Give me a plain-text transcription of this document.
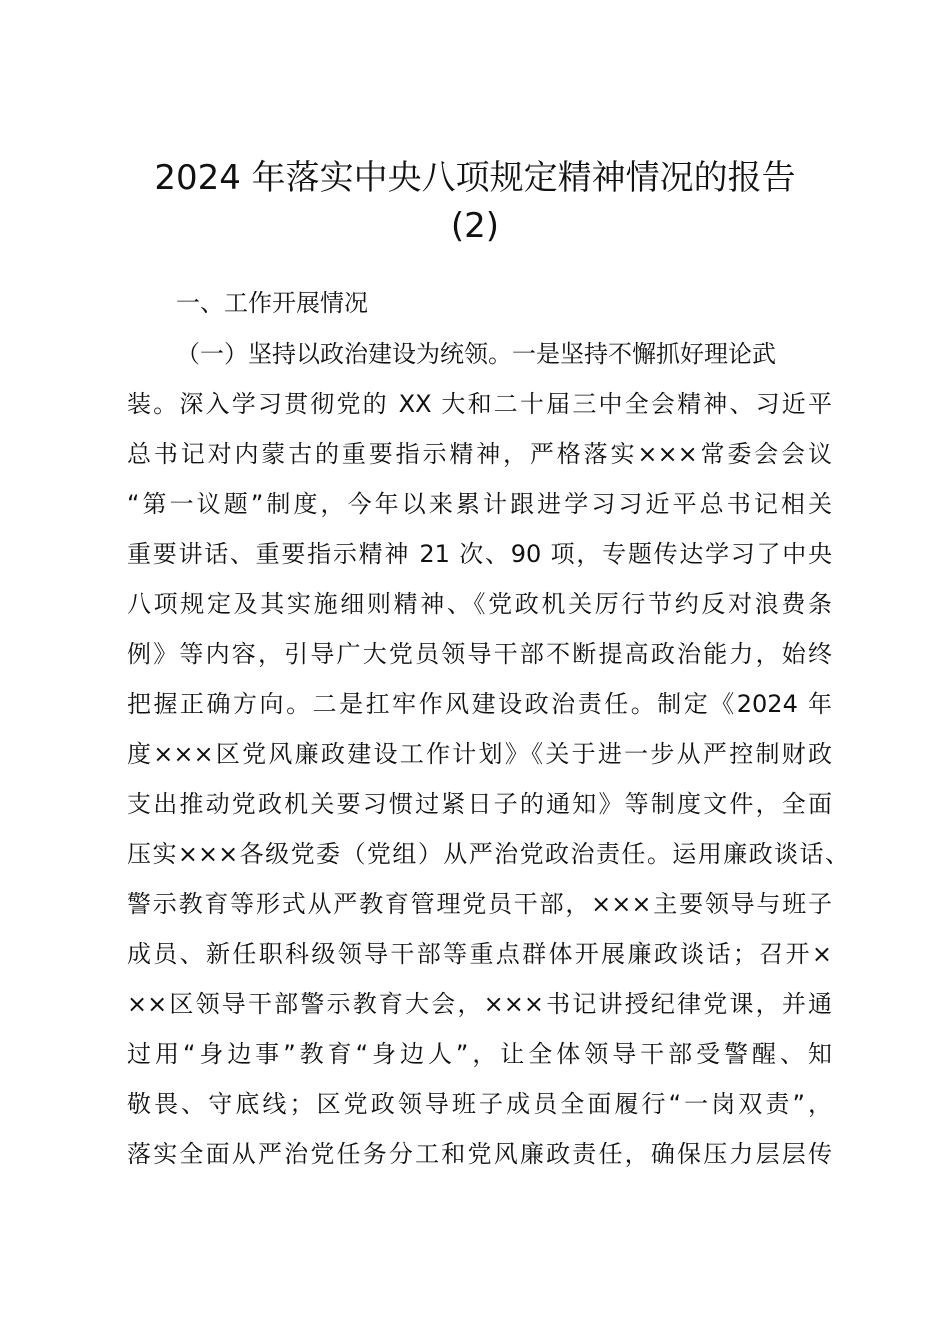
2024 年落实中央八项规定精神情况的报告
(2)
一、工作开展情况
（一）坚持以政治建设为统领。一是坚持不懈抓好理论武
装。深入学习贯彻党的 XX 大和二十届三中全会精神、习近平
总书记对内蒙古的重要指示精神，严格落实×××常委会会议
“第一议题”制度，今年以来累计跟进学习习近平总书记相关
重要讲话、重要指示精神 21 次、90 项，专题传达学习了中央
八项规定及其实施细则精神、《党政机关厉行节约反对浪费条
例》等内容，引导广大党员领导干部不断提高政治能力，始终
把握正确方向。二是扛牢作风建设政治责任。制定《2024 年
度×××区党风廉政建设工作计划》《关于进一步从严控制财政
支出推动党政机关要习惯过紧日子的通知》等制度文件，全面
压实×××各级党委（党组）从严治党政治责任。运用廉政谈话、
警示教育等形式从严教育管理党员干部，×××主要领导与班子
成员、新任职科级领导干部等重点群体开展廉政谈话；召开×
××区领导干部警示教育大会，×××书记讲授纪律党课，并通
过用“身边事”教育“身边人”，让全体领导干部受警醒、知
敬畏、守底线；区党政领导班子成员全面履行“一岗双责”，
落实全面从严治党任务分工和党风廉政责任，确保压力层层传
